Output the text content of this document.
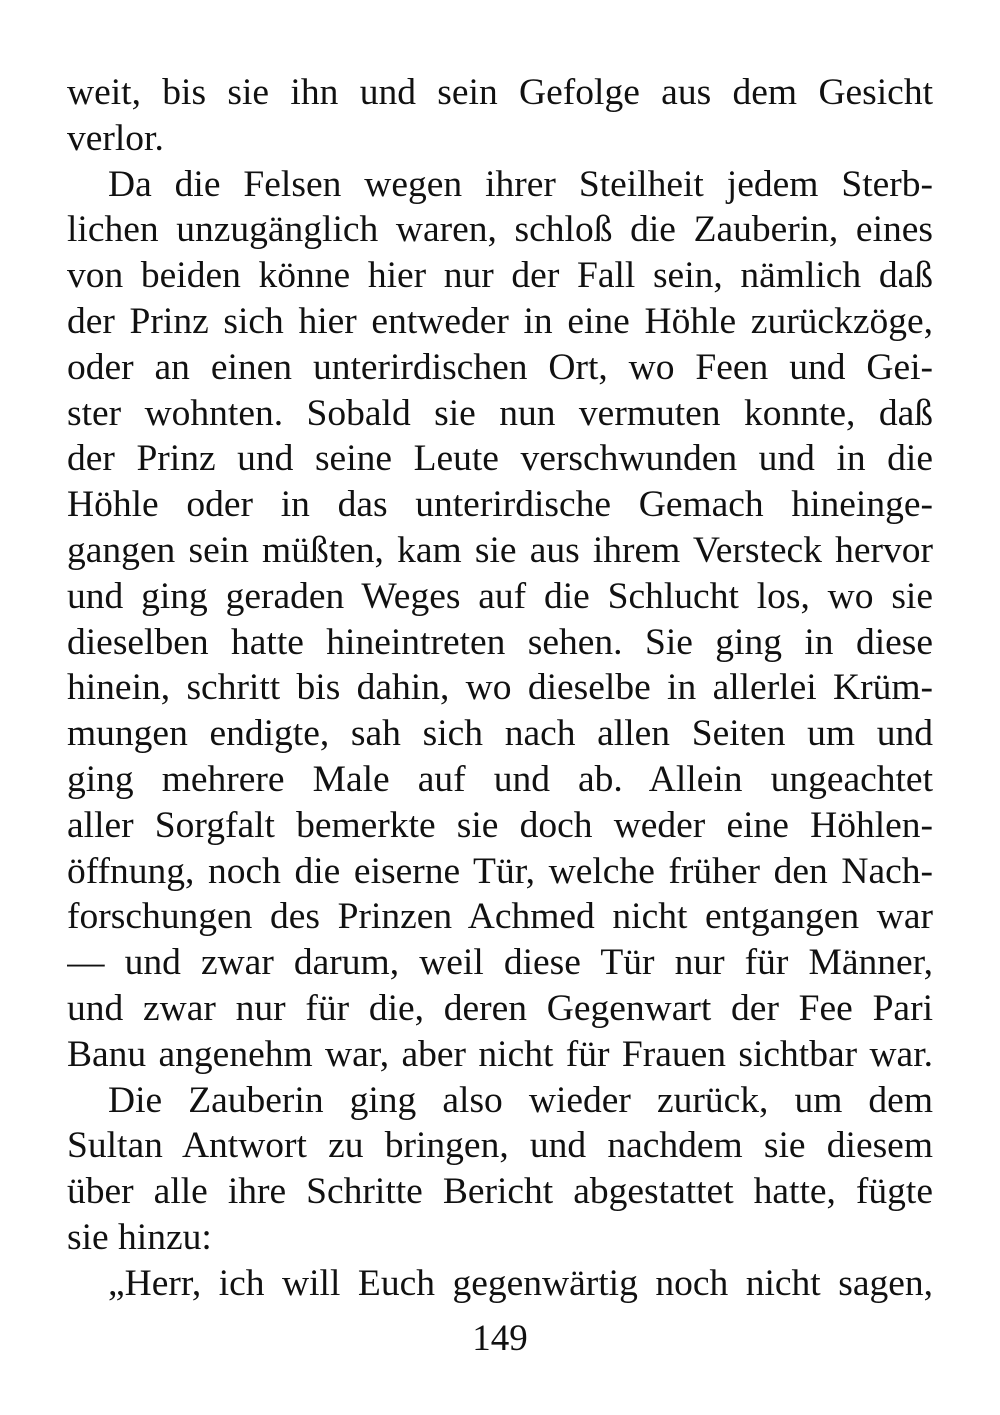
weit, bis sie ihn und sein Gefolge aus dem Gesicht
verlor.
Da die Felsen wegen ihrer Steilheit jedem Sterb-
lichen unzugänglich waren, schloß die Zauberin, eines
von beiden könne hier nur der Fall sein, nämlich daß
der Prinz sich hier entweder in eine Höhle zurückzöge,
oder an einen unterirdischen Ort, wo Feen und Gei-
ster wohnten. Sobald sie nun vermuten konnte, daß
der Prinz und seine Leute verschwunden und in die
Höhle oder in das unterirdische Gemach hineinge-
gangen sein müßten, kam sie aus ihrem Versteck hervor
und ging geraden Weges auf die Schlucht los, wo sie
dieselben hatte hineintreten sehen. Sie ging in diese
hinein, schritt bis dahin, wo dieselbe in allerlei Krüm-
mungen endigte, sah sich nach allen Seiten um und
ging mehrere Male auf und ab. Allein ungeachtet
aller Sorgfalt bemerkte sie doch weder eine Höhlen-
öffnung, noch die eiserne Tür, welche früher den Nach-
forschungen des Prinzen Achmed nicht entgangen war
— und zwar darum, weil diese Tür nur für Männer,
und zwar nur für die, deren Gegenwart der Fee Pari
Banu angenehm war, aber nicht für Frauen sichtbar war.
Die Zauberin ging also wieder zurück, um dem
Sultan Antwort zu bringen, und nachdem sie diesem
über alle ihre Schritte Bericht abgestattet hatte, fügte
sie hinzu:
„Herr, ich will Euch gegenwärtig noch nicht sagen,
149
